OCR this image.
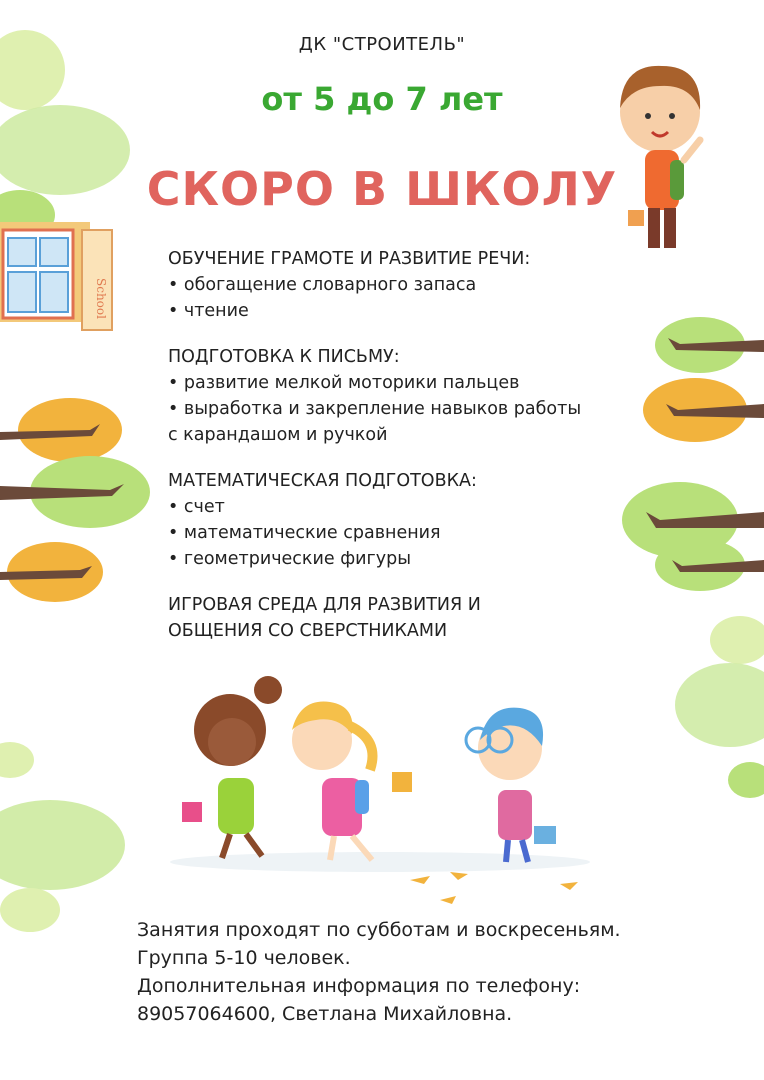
School
ДК "СТРОИТЕЛЬ"
от 5 до 7 лет
СКОРО В ШКОЛУ
ОБУЧЕНИЕ ГРАМОТЕ И РАЗВИТИЕ РЕЧИ:
• обогащение словарного запаса
• чтение
ПОДГОТОВКА К ПИСЬМУ:
• развитие мелкой моторики пальцев
• выработка и закрепление навыков работы
с карандашом и ручкой
МАТЕМАТИЧЕСКАЯ ПОДГОТОВКА:
• счет
• математические сравнения
• геометрические фигуры
ИГРОВАЯ СРЕДА ДЛЯ РАЗВИТИЯ И
ОБЩЕНИЯ СО СВЕРСТНИКАМИ
Занятия проходят по субботам и воскресеньям.
Группа 5-10 человек.
Дополнительная информация по телефону:
89057064600, Светлана Михайловна.
